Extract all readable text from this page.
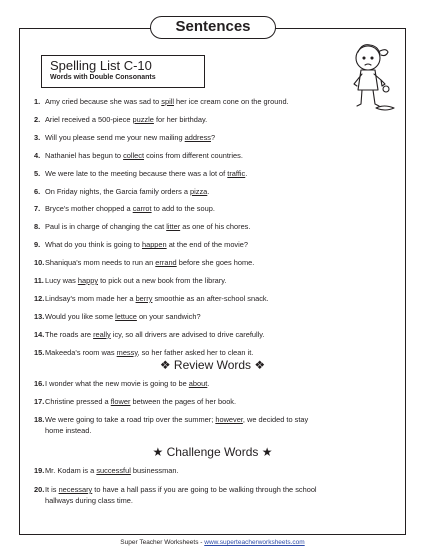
Sentences
Spelling List C-10
Words with Double Consonants
1. Amy cried because she was sad to spill her ice cream cone on the ground.
2. Ariel received a 500-piece puzzle for her birthday.
3. Will you please send me your new mailing address?
4. Nathaniel has begun to collect coins from different countries.
5. We were late to the meeting because there was a lot of traffic.
6. On Friday nights, the Garcia family orders a pizza.
7. Bryce's mother chopped a carrot to add to the soup.
8. Paul is in charge of changing the cat litter as one of his chores.
9. What do you think is going to happen at the end of the movie?
10.Shaniqua's mom needs to run an errand before she goes home.
11.Lucy was happy to pick out a new book from the library.
12.Lindsay's mom made her a berry smoothie as an after-school snack.
13.Would you like some lettuce on your sandwich?
14.The roads are really icy, so all drivers are advised to drive carefully.
15.Makeeda's room was messy, so her father asked her to clean it.
16.I wonder what the new movie is going to be about.
17.Christine pressed a flower between the pages of her book.
18.We were going to take a road trip over the summer; however, we decided to stay
home instead.
19.Mr. Kodam is a successful businessman.
20.It is necessary to have a hall pass if you are going to be walking through the school
hallways during class time.
❖ Review Words ❖
★ Challenge Words ★
Super Teacher Worksheets - www.superteacherworksheets.com
